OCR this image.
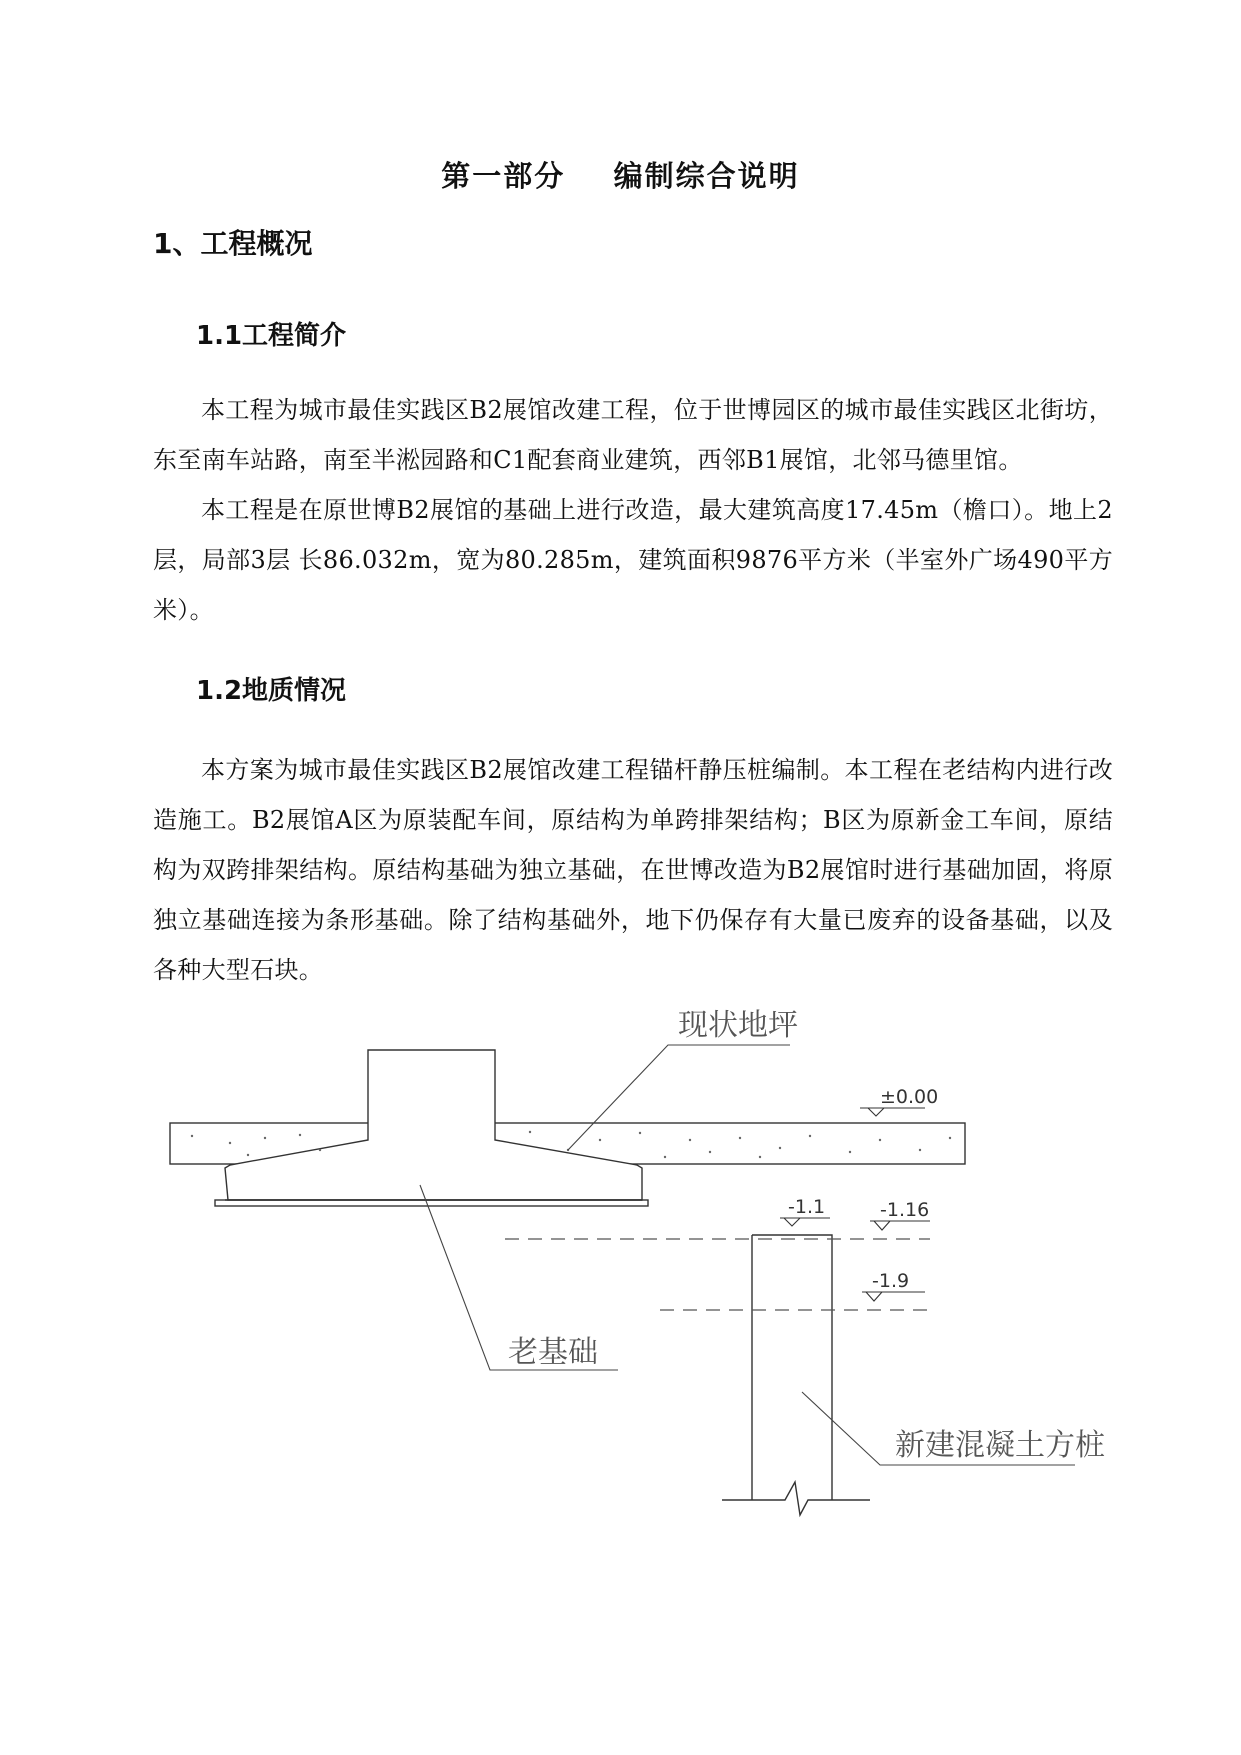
第一部分    编制综合说明
1、工程概况
1.1工程简介

本工程为城市最佳实践区B2展馆改建工程，位于世博园区的城市最佳实践区北街坊，东至南车站路，南至半淞园路和C1配套商业建筑，西邻B1展馆，北邻马德里馆。

本工程是在原世博B2展馆的基础上进行改造，最大建筑高度17.45m（檐口）。地上2层，局部3层 长86.032m，宽为80.285m，建筑面积9876平方米（半室外广场490平方米）。

1.2地质情况

本方案为城市最佳实践区B2展馆改建工程锚杆静压桩编制。本工程在老结构内进行改造施工。B2展馆A区为原装配车间，原结构为单跨排架结构；B区为原新金工车间，原结构为双跨排架结构。原结构基础为独立基础，在世博改造为B2展馆时进行基础加固，将原独立基础连接为条形基础。除了结构基础外，地下仍保存有大量已废弃的设备基础，以及各种大型石块。

现状地坪
老基础
新建混凝土方桩
±0.00
-1.1	-1.16
-1.9
